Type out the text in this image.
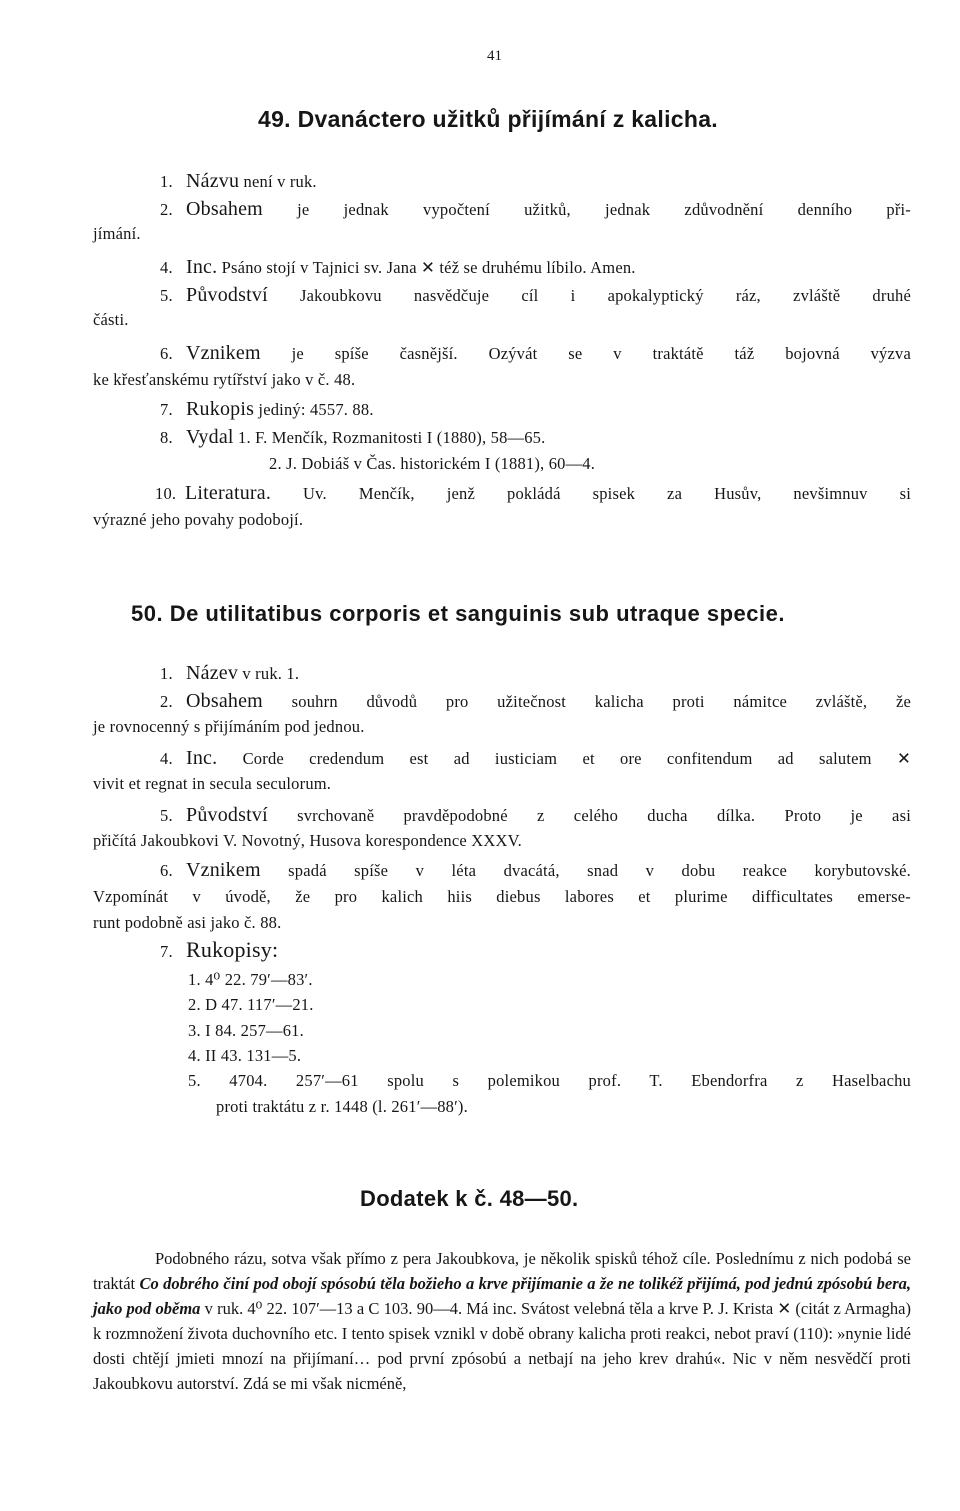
41
49. Dvanáctero užitků přijímání z kalicha.
1. Názvu není v ruk.
2. Obsahem je jednak vypočtení užitků, jednak zdůvodnění denního při-
jímání.
4. Inc. Psáno stojí v Tajnici sv. Jana ✕ též se druhému líbilo. Amen.
5. Původství Jakoubkovu nasvědčuje cíl i apokalyptický ráz, zvláště druhé
části.
6. Vznikem je spíše časnější. Ozývát se v traktátě táž bojovná výzva
ke křesťanskému rytířství jako v č. 48.
7. Rukopis jediný: 4557. 88.
8. Vydal 1. F. Menčík, Rozmanitosti I (1880), 58—65.
2. J. Dobiáš v Čas. historickém I (1881), 60—4.
10. Literatura. Uv. Menčík, jenž pokládá spisek za Husův, nevšimnuv si
výrazné jeho povahy podobojí.
50. De utilitatibus corporis et sanguinis sub utraque specie.
1. Název v ruk. 1.
2. Obsahem souhrn důvodů pro užitečnost kalicha proti námitce zvláště, že
je rovnocenný s přijímáním pod jednou.
4. Inc. Corde credendum est ad iusticiam et ore confitendum ad salutem ✕
vivit et regnat in secula seculorum.
5. Původství svrchovaně pravděpodobné z celého ducha dílka. Proto je asi
přičítá Jakoubkovi V. Novotný, Husova korespondence XXXV.
6. Vznikem spadá spíše v léta dvacátá, snad v dobu reakce korybutovské.
Vzpomínát v úvodě, že pro kalich hiis diebus labores et plurime difficultates emerse-
runt podobně asi jako č. 88.
7. Rukopisy:
1. 4⁰ 22. 79′—83′.
2. D 47. 117′—21.
3. I 84. 257—61.
4. II 43. 131—5.
5. 4704. 257′—61 spolu s polemikou prof. T. Ebendorfra z Haselbachu
proti traktátu z r. 1448 (l. 261′—88′).
Dodatek k č. 48—50.
Podobného rázu, sotva však přímo z pera Jakoubkova, je několik spisků téhož cíle. Poslednímu z nich podobá se traktát Co dobrého činí pod obojí spósobú těla božieho a krve přijímanie a že ne tolikéž přijímá, pod jednú zpósobú bera, jako pod oběma v ruk. 4⁰ 22. 107′—13 a C 103. 90—4. Má inc. Svátost velebná těla a krve P. J. Krista ✕ (citát z Armagha) k rozmnožení života duchovního etc. I tento spisek vznikl v době obrany kalicha proti reakci, nebot praví (110): »nynie lidé dosti chtějí jmieti mnozí na přijímaní… pod první zpósobú a netbají na jeho krev drahú«. Nic v něm nesvědčí proti Jakoubkovu autorství. Zdá se mi však nicméně,
